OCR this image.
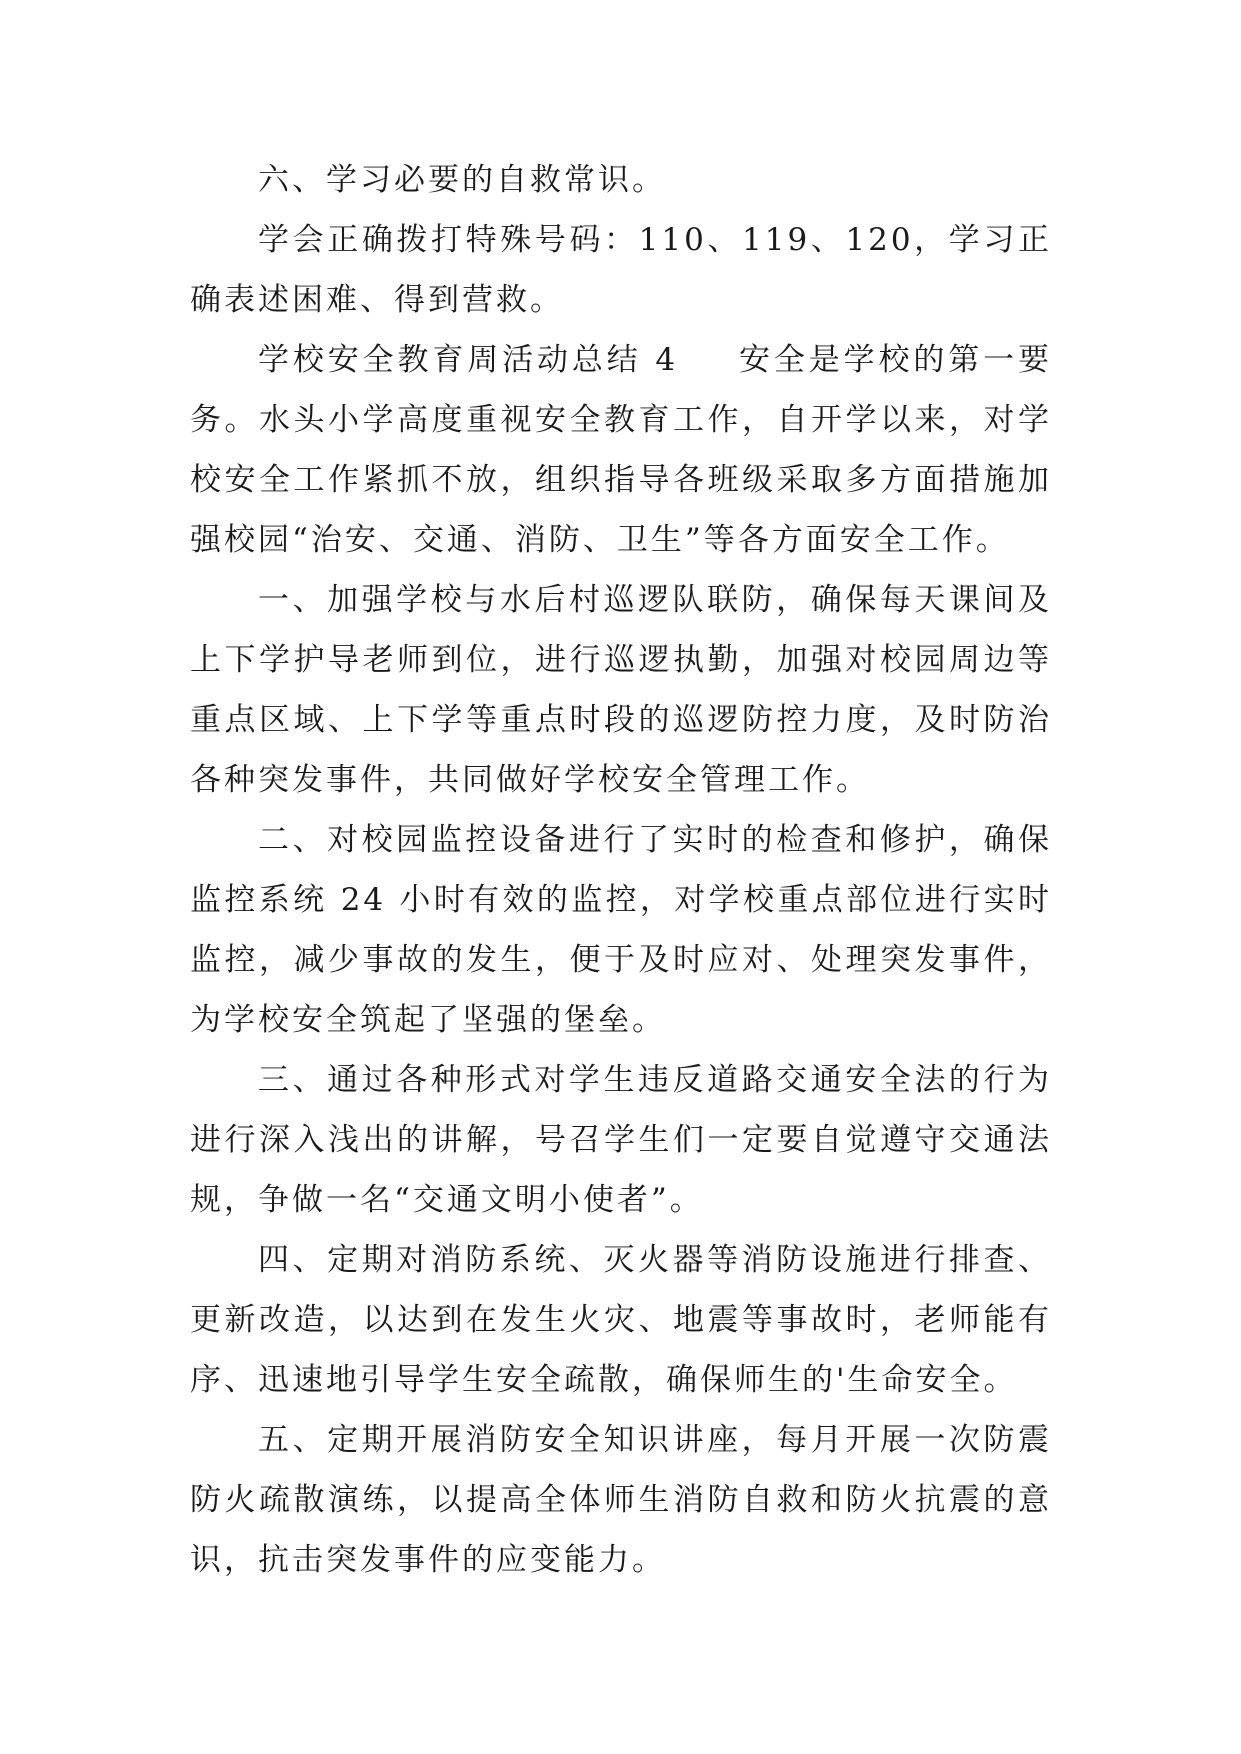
六、学习必要的自救常识。

学会正确拨打特殊号码：110、119、120，学习正确表述困难、得到营救。

学校安全教育周活动总结 4 安全是学校的第一要务。水头小学高度重视安全教育工作，自开学以来，对学校安全工作紧抓不放，组织指导各班级采取多方面措施加强校园“治安、交通、消防、卫生”等各方面安全工作。

一、加强学校与水后村巡逻队联防，确保每天课间及上下学护导老师到位，进行巡逻执勤，加强对校园周边等重点区域、上下学等重点时段的巡逻防控力度，及时防治各种突发事件，共同做好学校安全管理工作。

二、对校园监控设备进行了实时的检查和修护，确保监控系统 24 小时有效的监控，对学校重点部位进行实时监控，减少事故的发生，便于及时应对、处理突发事件，为学校安全筑起了坚强的堡垒。

三、通过各种形式对学生违反道路交通安全法的行为进行深入浅出的讲解，号召学生们一定要自觉遵守交通法规，争做一名“交通文明小使者”。

四、定期对消防系统、灭火器等消防设施进行排查、更新改造，以达到在发生火灾、地震等事故时，老师能有序、迅速地引导学生安全疏散，确保师生的'生命安全。

五、定期开展消防安全知识讲座，每月开展一次防震防火疏散演练，以提高全体师生消防自救和防火抗震的意识，抗击突发事件的应变能力。
